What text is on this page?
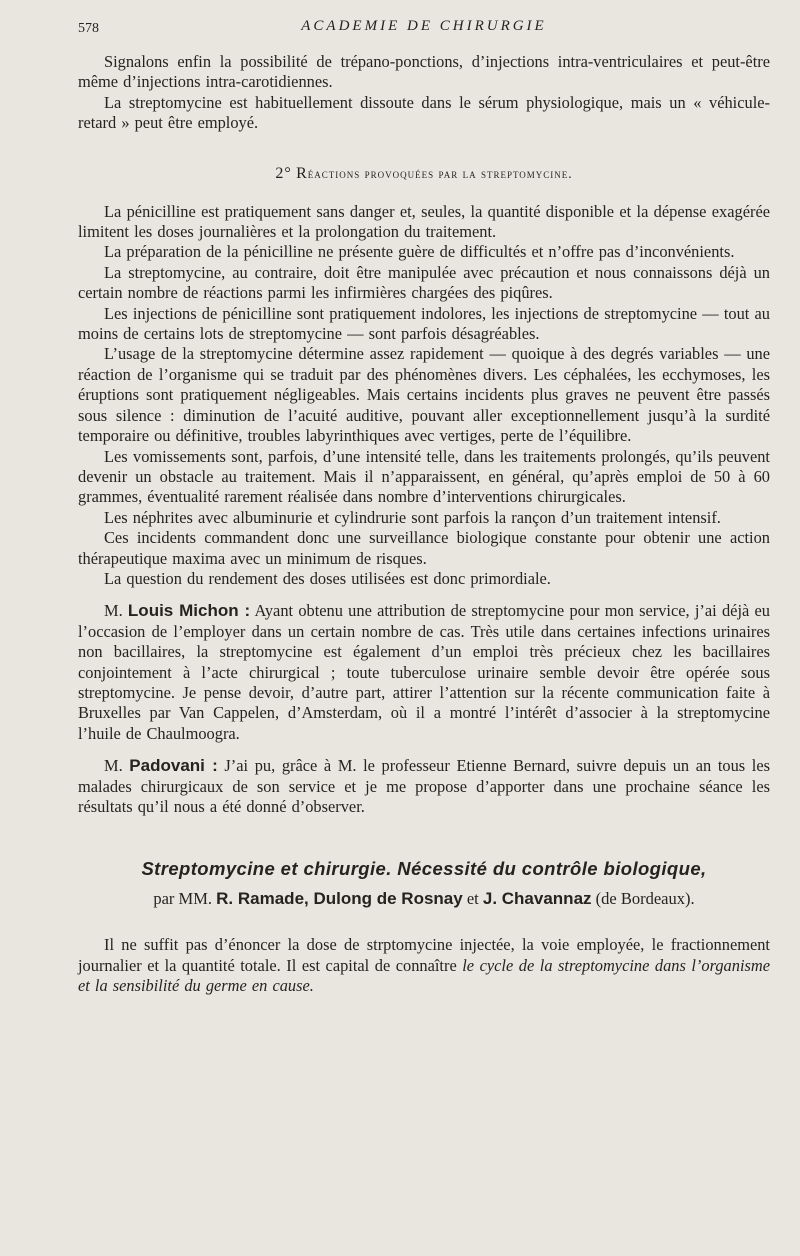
578	ACADEMIE DE CHIRURGIE

Signalons enfin la possibilité de trépano-ponctions, d’injections intra-ventriculaires et peut-être même d’injections intra-carotidiennes.

La streptomycine est habituellement dissoute dans le sérum physiologique, mais un « véhicule-retard » peut être employé.

2° Réactions provoquées par la streptomycine.

La pénicilline est pratiquement sans danger et, seules, la quantité disponible et la dépense exagérée limitent les doses journalières et la prolongation du traitement.

La préparation de la pénicilline ne présente guère de difficultés et n’offre pas d’inconvénients.

La streptomycine, au contraire, doit être manipulée avec précaution et nous connaissons déjà un certain nombre de réactions parmi les infirmières chargées des piqûres.

Les injections de pénicilline sont pratiquement indolores, les injections de streptomycine — tout au moins de certains lots de streptomycine — sont parfois désagréables.

L’usage de la streptomycine détermine assez rapidement — quoique à des degrés variables — une réaction de l’organisme qui se traduit par des phénomènes divers. Les céphalées, les ecchymoses, les éruptions sont pratiquement négligeables. Mais certains incidents plus graves ne peuvent être passés sous silence : diminution de l’acuité auditive, pouvant aller exceptionnellement jusqu’à la surdité temporaire ou définitive, troubles labyrinthiques avec vertiges, perte de l’équilibre.

Les vomissements sont, parfois, d’une intensité telle, dans les traitements prolongés, qu’ils peuvent devenir un obstacle au traitement. Mais il n’apparaissent, en général, qu’après emploi de 50 à 60 grammes, éventualité rarement réalisée dans nombre d’interventions chirurgicales.

Les néphrites avec albuminurie et cylindrurie sont parfois la rançon d’un traitement intensif.

Ces incidents commandent donc une surveillance biologique constante pour obtenir une action thérapeutique maxima avec un minimum de risques.

La question du rendement des doses utilisées est donc primordiale.

M. Louis Michon : Ayant obtenu une attribution de streptomycine pour mon service, j’ai déjà eu l’occasion de l’employer dans un certain nombre de cas. Très utile dans certaines infections urinaires non bacillaires, la streptomycine est également d’un emploi très précieux chez les bacillaires conjointement à l’acte chirurgical ; toute tuberculose urinaire semble devoir être opérée sous streptomycine. Je pense devoir, d’autre part, attirer l’attention sur la récente communication faite à Bruxelles par Van Cappelen, d’Amsterdam, où il a montré l’intérêt d’associer à la streptomycine l’huile de Chaulmoogra.

M. Padovani : J’ai pu, grâce à M. le professeur Etienne Bernard, suivre depuis un an tous les malades chirurgicaux de son service et je me propose d’apporter dans une prochaine séance les résultats qu’il nous a été donné d’observer.

Streptomycine et chirurgie. Nécessité du contrôle biologique,
par MM. R. Ramade, Dulong de Rosnay et J. Chavannaz (de Bordeaux).

Il ne suffit pas d’énoncer la dose de strptomycine injectée, la voie employée, le fractionnement journalier et la quantité totale. Il est capital de connaître le cycle de la streptomycine dans l’organisme et la sensibilité du germe en cause.
